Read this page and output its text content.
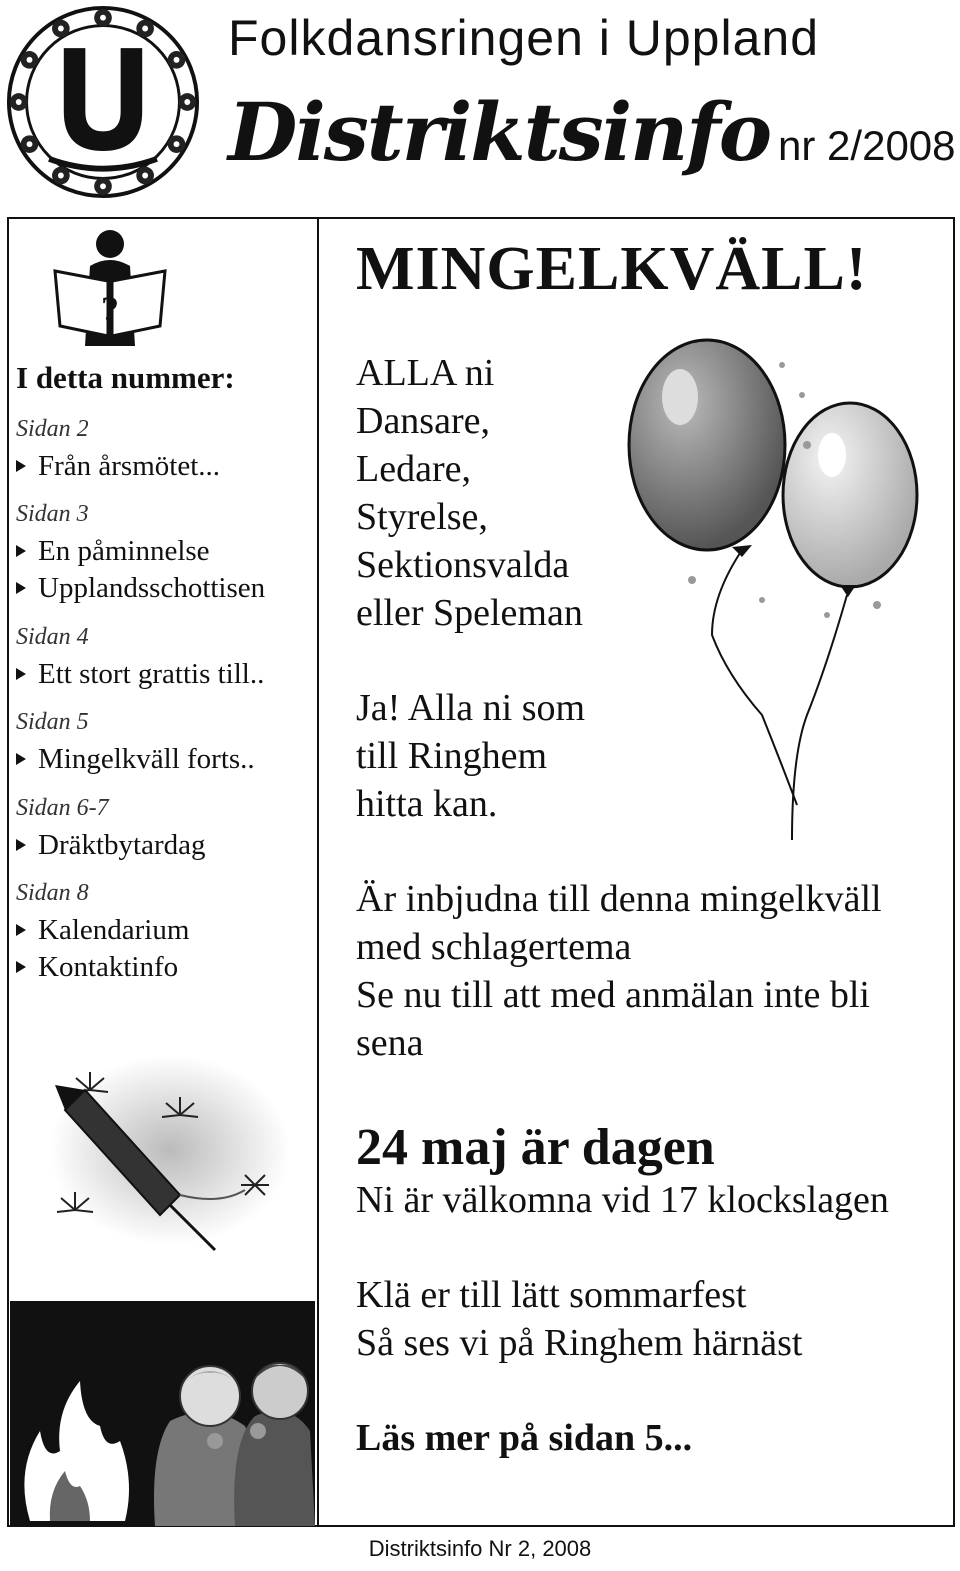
Folkdansringen i Uppland
Distriktsinfo nr 2/2008
?
I detta nummer:
Sidan 2
Från årsmötet...
Sidan 3
En påminnelse
Upplandsschottisen
Sidan 4
Ett stort grattis till..
Sidan 5
Mingelkväll forts..
Sidan 6-7
Dräktbytardag
Sidan 8
Kalendarium
Kontaktinfo
MINGELKVÄLL!
ALLA ni
Dansare,
Ledare,
Styrelse,
Sektionsvalda
eller Speleman
Ja! Alla ni som
till Ringhem
hitta kan.
Är inbjudna till denna mingelkväll
med schlagertema
Se nu till att med anmälan inte bli
sena
24 maj är dagen
Ni är välkomna vid 17 klockslagen
Klä er till lätt sommarfest
Så ses vi på Ringhem härnäst
Läs mer på sidan 5...
Distriktsinfo Nr 2, 2008
